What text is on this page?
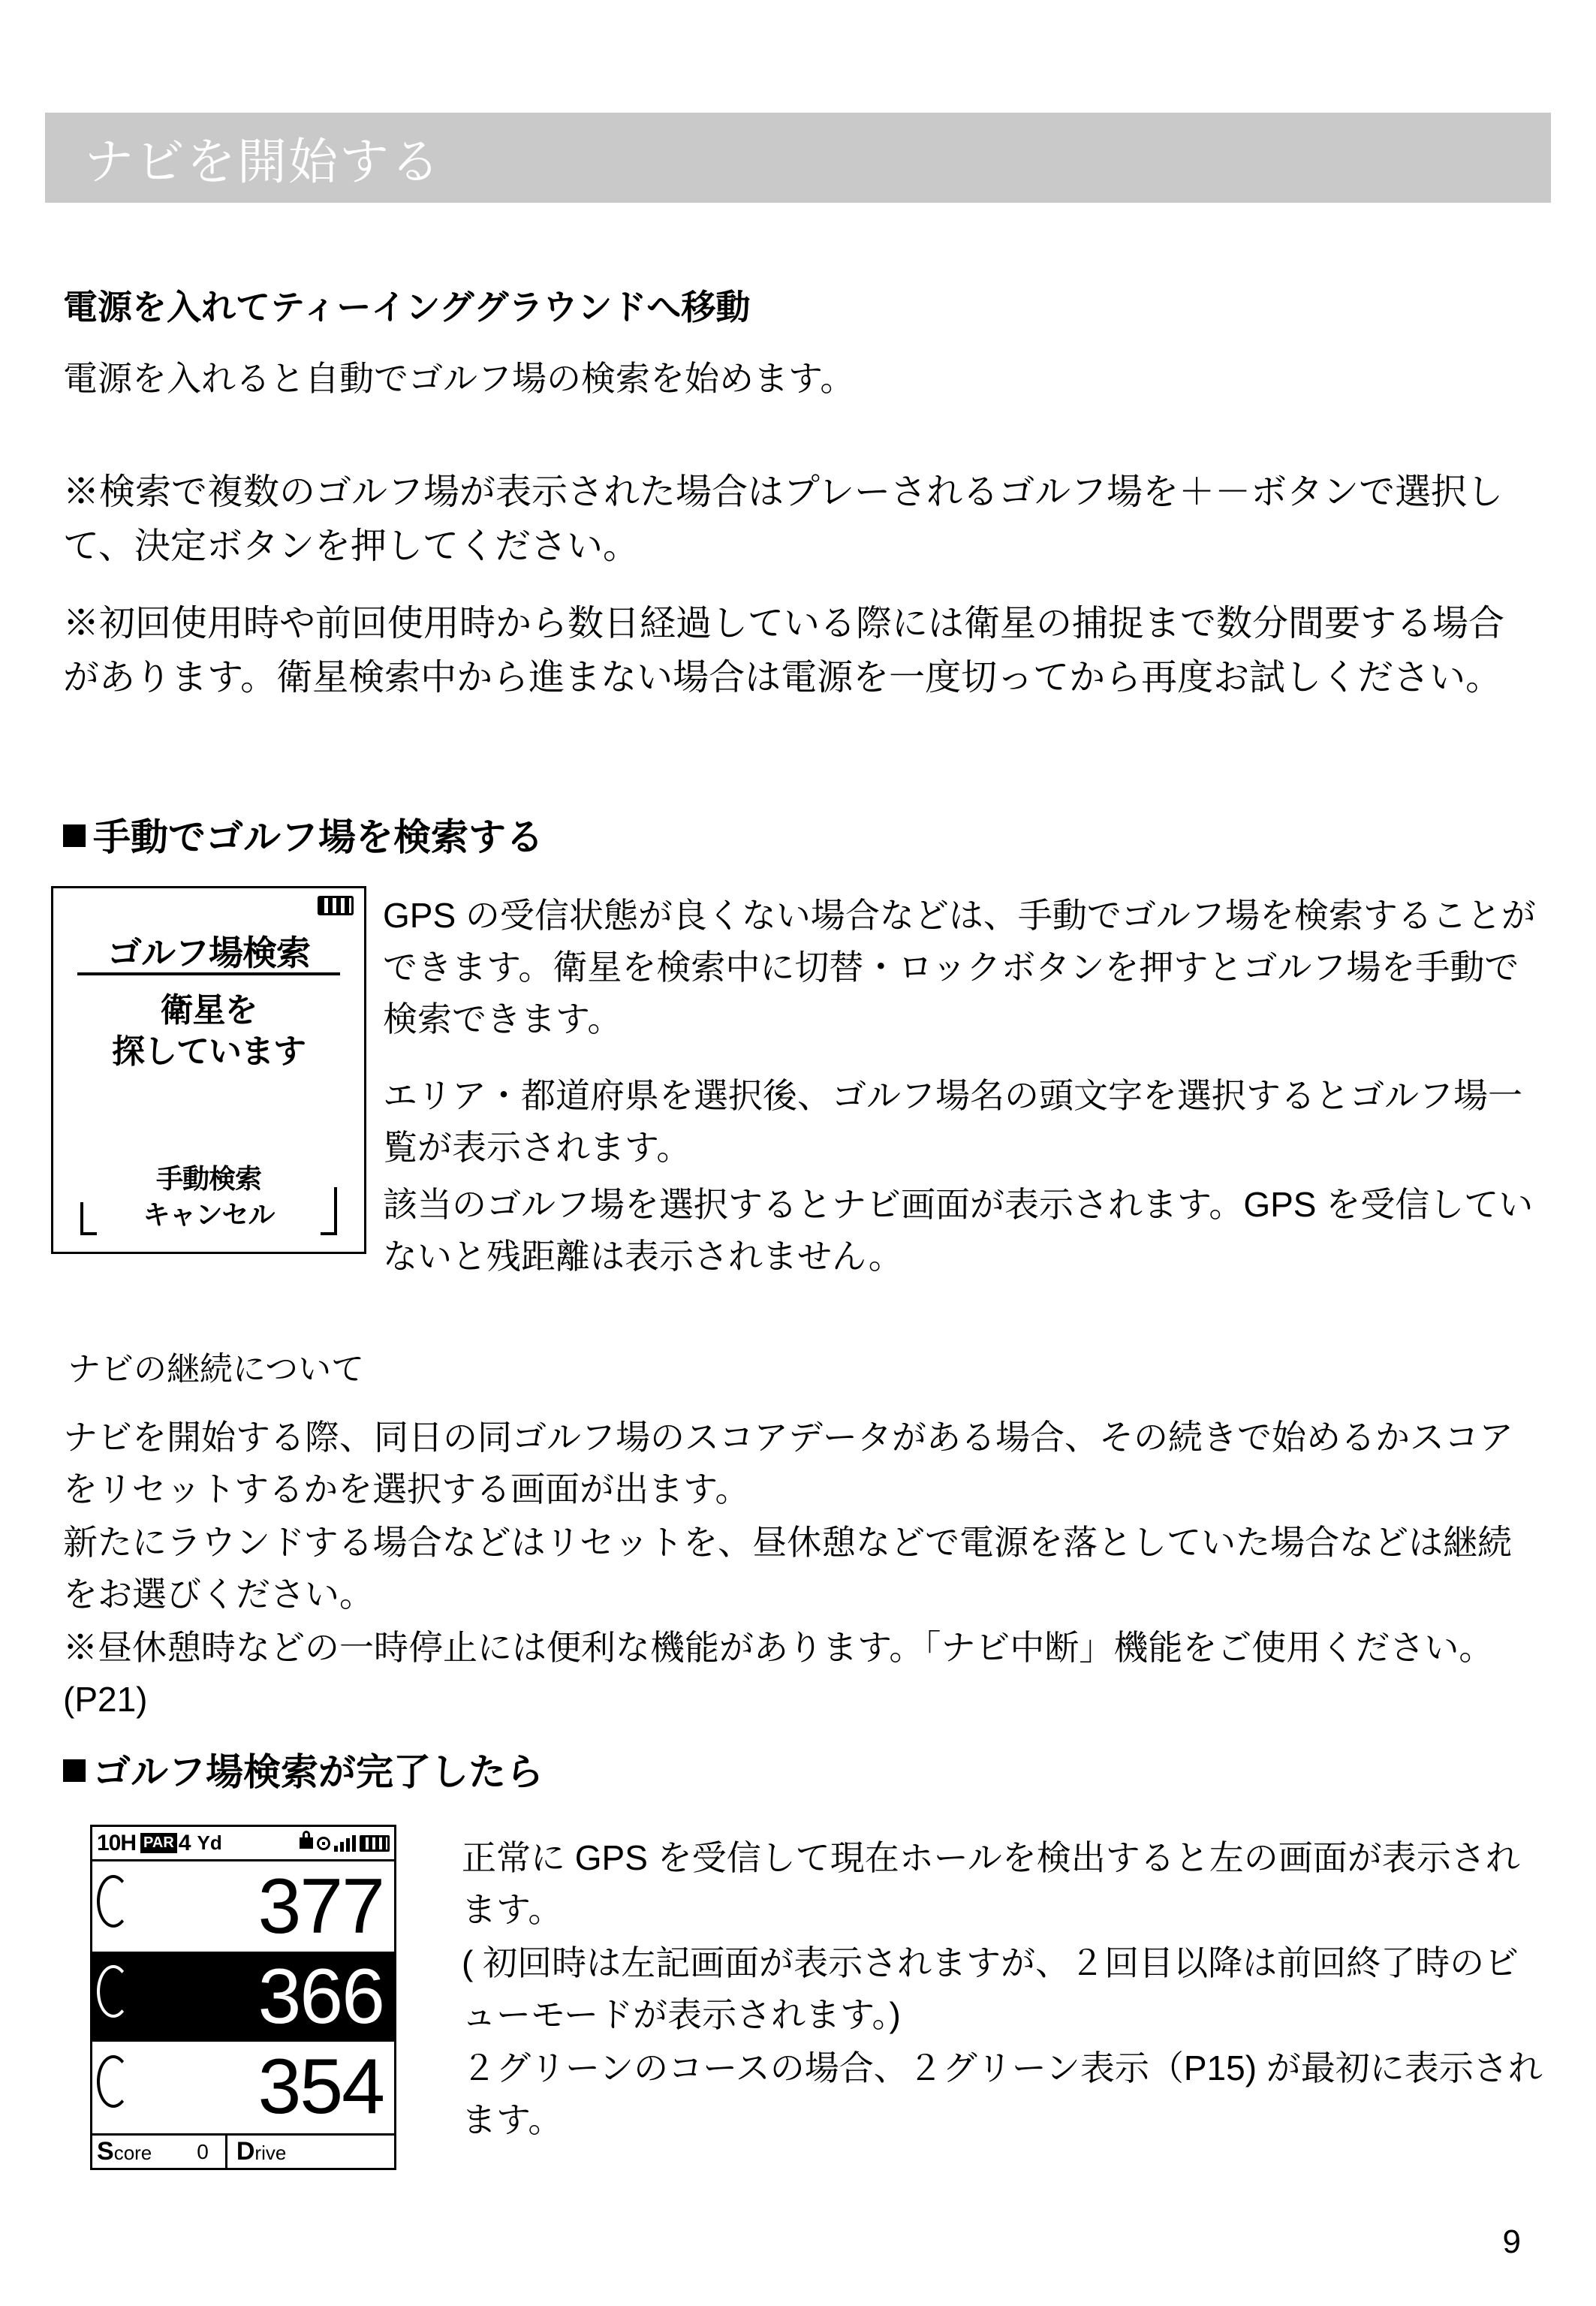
ナビを開始する
電源を入れてティーインググラウンドへ移動
電源を入れると自動でゴルフ場の検索を始めます。
※検索で複数のゴルフ場が表示された場合はプレーされるゴルフ場を＋－ボタンで選択して、決定ボタンを押してください。
※初回使用時や前回使用時から数日経過している際には衛星の捕捉まで数分間要する場合があります。衛星検索中から進まない場合は電源を一度切ってから再度お試しください。
手動でゴルフ場を検索する
ゴルフ場検索
衛星を
探しています
手動検索
キャンセル
GPS の受信状態が良くない場合などは、手動でゴルフ場を検索することができます。衛星を検索中に切替・ロックボタンを押すとゴルフ場を手動で検索できます。
エリア・都道府県を選択後、ゴルフ場名の頭文字を選択するとゴルフ場一覧が表示されます。
該当のゴルフ場を選択するとナビ画面が表示されます。GPS を受信していないと残距離は表示されません。
ナビの継続について
ナビを開始する際、同日の同ゴルフ場のスコアデータがある場合、その続きで始めるかスコアをリセットするかを選択する画面が出ます。
新たにラウンドする場合などはリセットを、昼休憩などで電源を落としていた場合などは継続をお選びください。
※昼休憩時などの一時停止には便利な機能があります。「ナビ中断」機能をご使用ください。(P21)
ゴルフ場検索が完了したら
10H PAR 4 Yd
377
366
354
Score 0	Drive
正常に GPS を受信して現在ホールを検出すると左の画面が表示されます。
( 初回時は左記画面が表示されますが、２回目以降は前回終了時のビューモードが表示されます。)
２グリーンのコースの場合、２グリーン表示（P15) が最初に表示されます。
9
